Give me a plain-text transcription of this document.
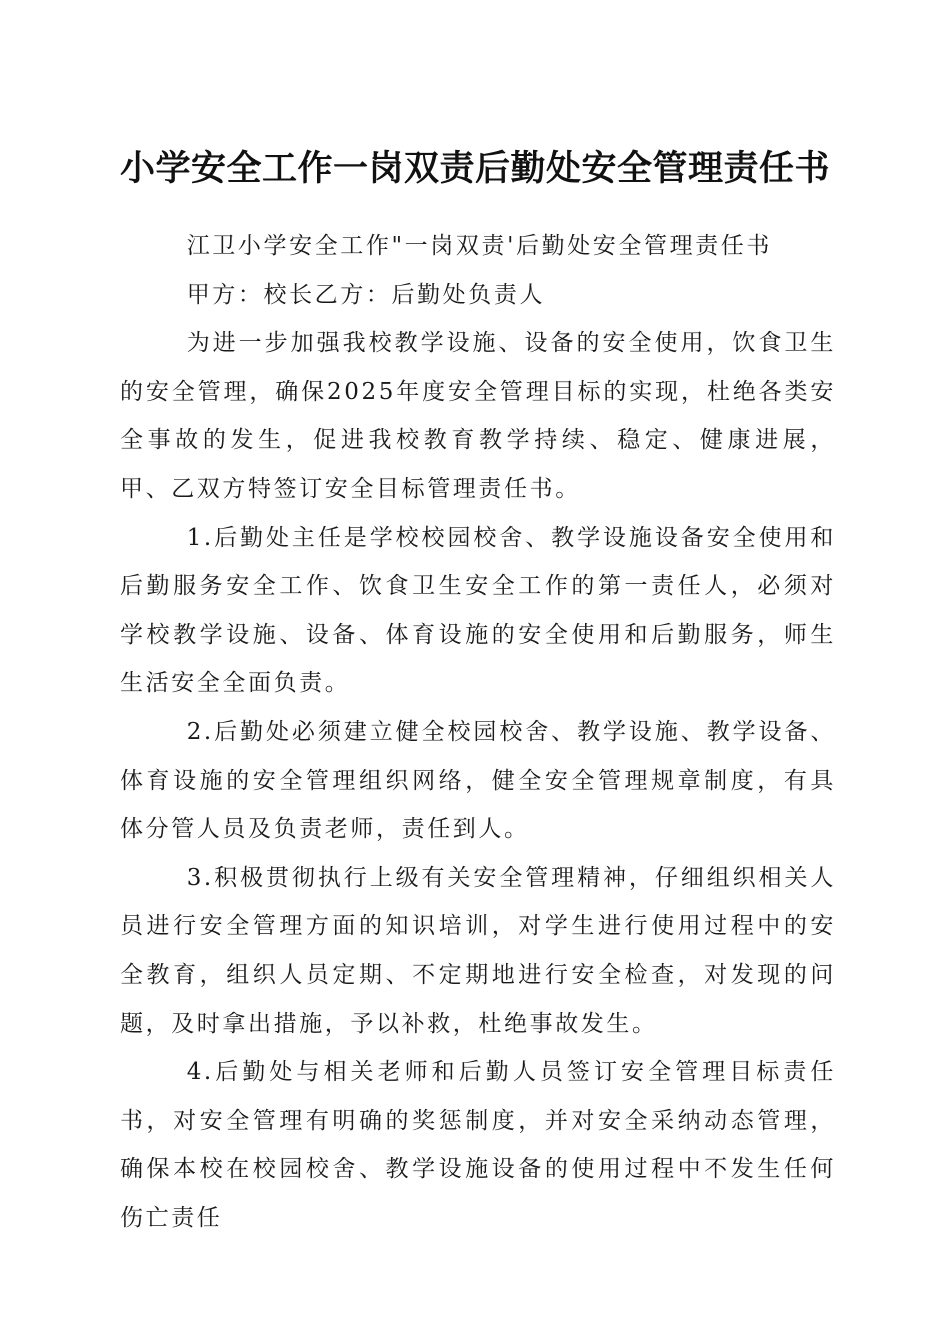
小学安全工作一岗双责后勤处安全管理责任书

江卫小学安全工作"一岗双责'后勤处安全管理责任书

甲方：校长乙方：后勤处负责人

为进一步加强我校教学设施、设备的安全使用，饮食卫生的安全管理，确保2025年度安全管理目标的实现，杜绝各类安全事故的发生，促进我校教育教学持续、稳定、健康进展，甲、乙双方特签订安全目标管理责任书。

1.后勤处主任是学校校园校舍、教学设施设备安全使用和后勤服务安全工作、饮食卫生安全工作的第一责任人，必须对学校教学设施、设备、体育设施的安全使用和后勤服务，师生生活安全全面负责。

2.后勤处必须建立健全校园校舍、教学设施、教学设备、体育设施的安全管理组织网络，健全安全管理规章制度，有具体分管人员及负责老师，责任到人。

3.积极贯彻执行上级有关安全管理精神，仔细组织相关人员进行安全管理方面的知识培训，对学生进行使用过程中的安全教育，组织人员定期、不定期地进行安全检查，对发现的问题，及时拿出措施，予以补救，杜绝事故发生。

4.后勤处与相关老师和后勤人员签订安全管理目标责任书，对安全管理有明确的奖惩制度，并对安全采纳动态管理，确保本校在校园校舍、教学设施设备的使用过程中不发生任何伤亡责任
